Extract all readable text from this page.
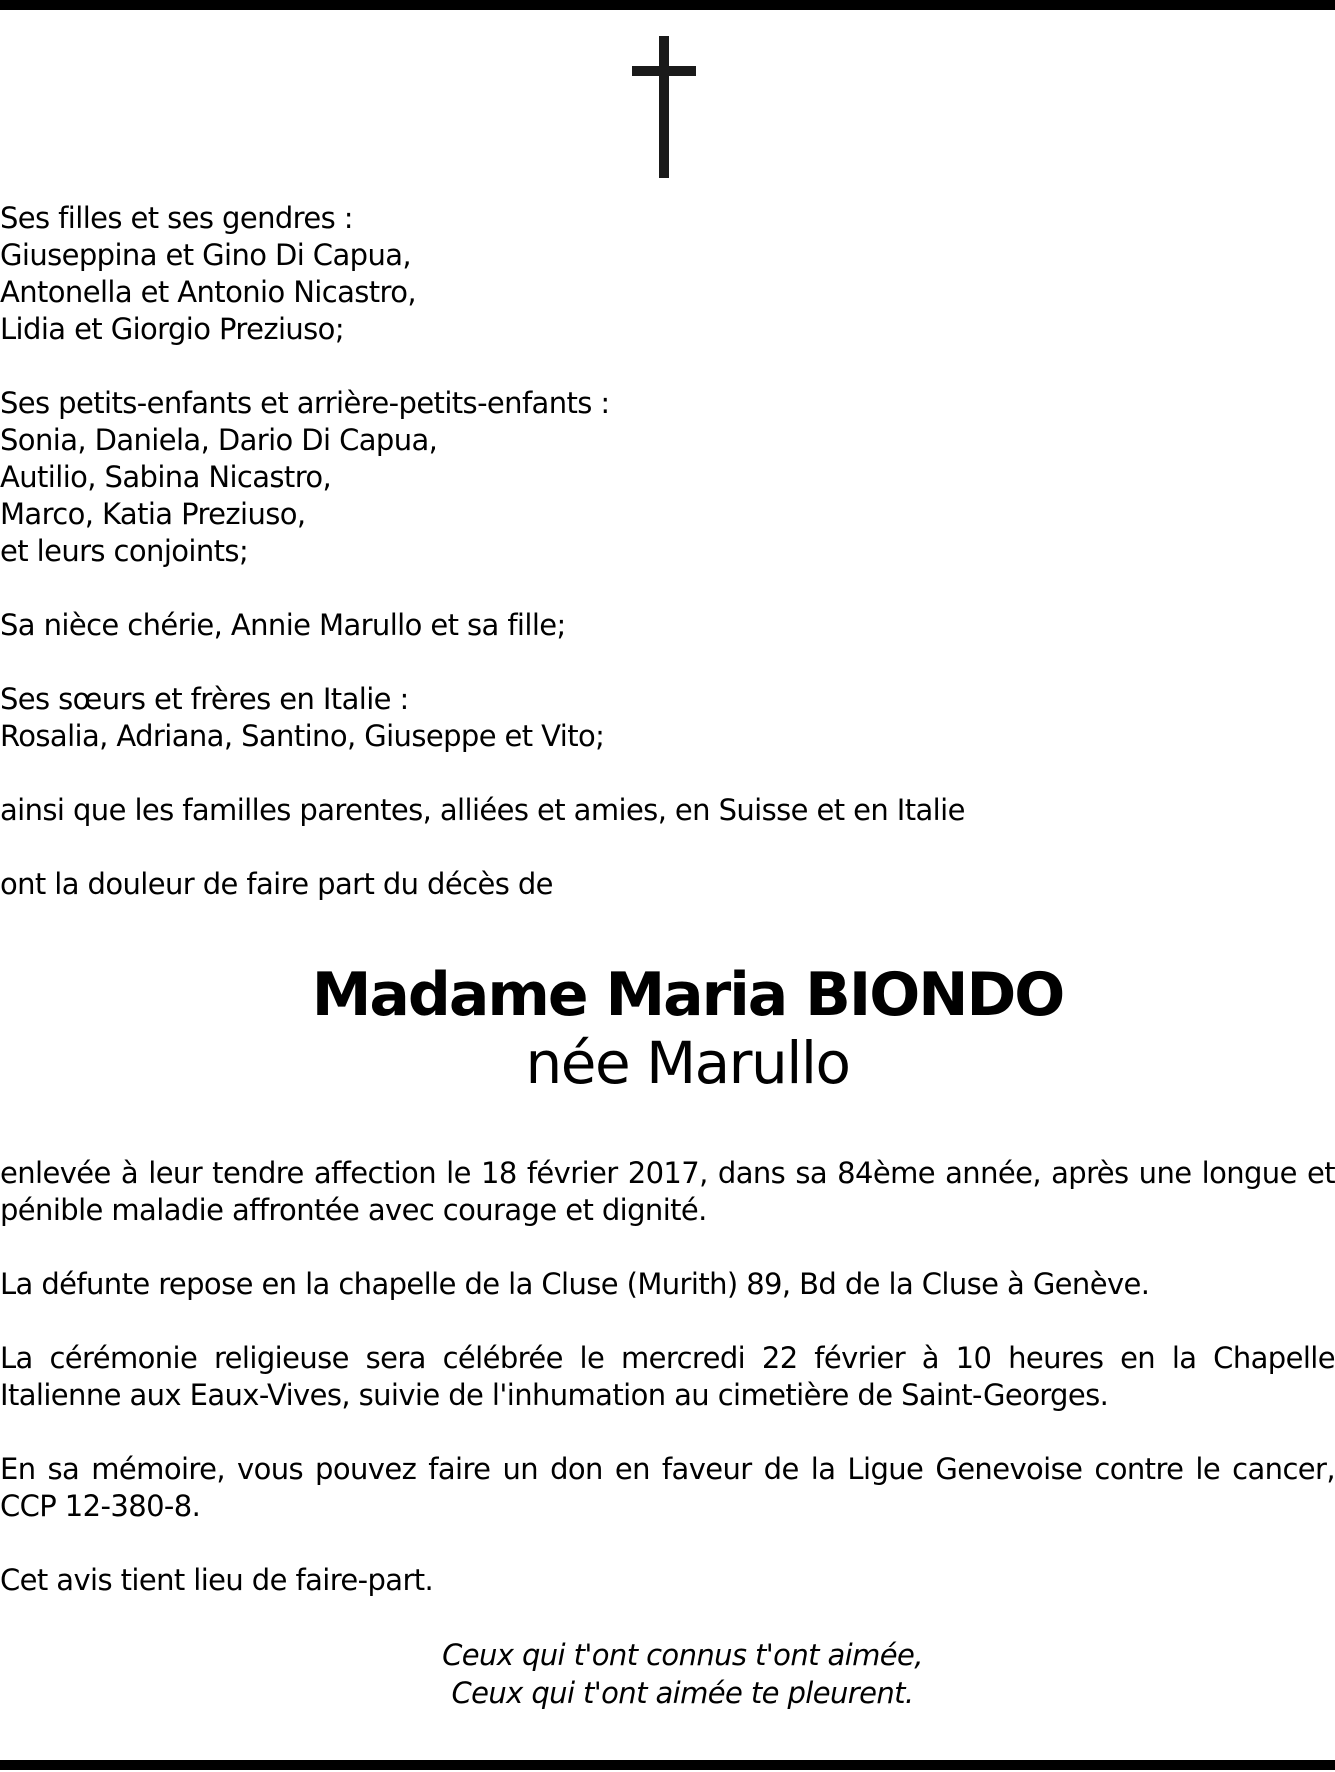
Ses filles et ses gendres :
Giuseppina et Gino Di Capua,
Antonella et Antonio Nicastro,
Lidia et Giorgio Preziuso;

Ses petits-enfants et arrière-petits-enfants :
Sonia, Daniela, Dario Di Capua,
Autilio, Sabina Nicastro,
Marco, Katia Preziuso,
et leurs conjoints;

Sa nièce chérie, Annie Marullo et sa fille;

Ses sœurs et frères en Italie :
Rosalia, Adriana, Santino, Giuseppe et Vito;

ainsi que les familles parentes, alliées et amies, en Suisse et en Italie

ont la douleur de faire part du décès de

Madame Maria BIONDO

née Marullo

enlevée à leur tendre affection le 18 février 2017, dans sa 84ème année, après une longue et pénible maladie affrontée avec courage et dignité.

La défunte repose en la chapelle de la Cluse (Murith) 89, Bd de la Cluse à Genève.

La cérémonie religieuse sera célébrée le mercredi 22 février à 10 heures en la Chapelle Italienne aux Eaux-Vives, suivie de l'inhumation au cimetière de Saint-Georges.

En sa mémoire, vous pouvez faire un don en faveur de la Ligue Genevoise contre le cancer, CCP 12-380-8.

Cet avis tient lieu de faire-part.

Ceux qui t'ont connus t'ont aimée,
Ceux qui t'ont aimée te pleurent.
